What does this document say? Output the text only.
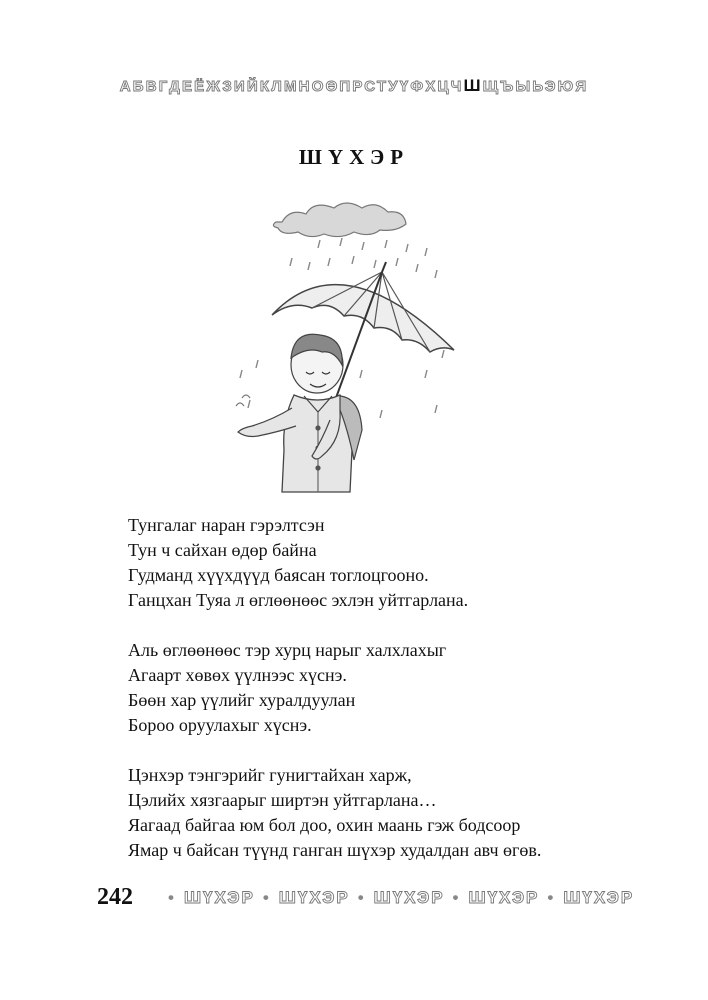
АБВГДЕЁЖЗИЙКЛМНОӨПРСТУҮФХЦЧШЩЪЫЬЭЮЯ
ШҮХЭР
Тунгалаг наран гэрэлтсэн
Тун ч сайхан өдөр байна
Гудманд хүүхдүүд баясан тоглоцгооно.
Ганцхан Туяа л өглөөнөөс эхлэн уйтгарлана.
Аль өглөөнөөс тэр хурц нарыг халхлахыг
Агаарт хөвөх үүлнээс хүснэ.
Бөөн хар үүлийг хуралдуулан
Бороо оруулахыг хүснэ.
Цэнхэр тэнгэрийг гунигтайхан харж,
Цэлийх хязгаарыг ширтэн уйтгарлана…
Яагаад байгаа юм бол доо, охин маань гэж бодсоор
Ямар ч байсан түүнд ганган шүхэр худалдан авч өгөв.
242	• ШҮХЭР • ШҮХЭР • ШҮХЭР • ШҮХЭР • ШҮХЭР
